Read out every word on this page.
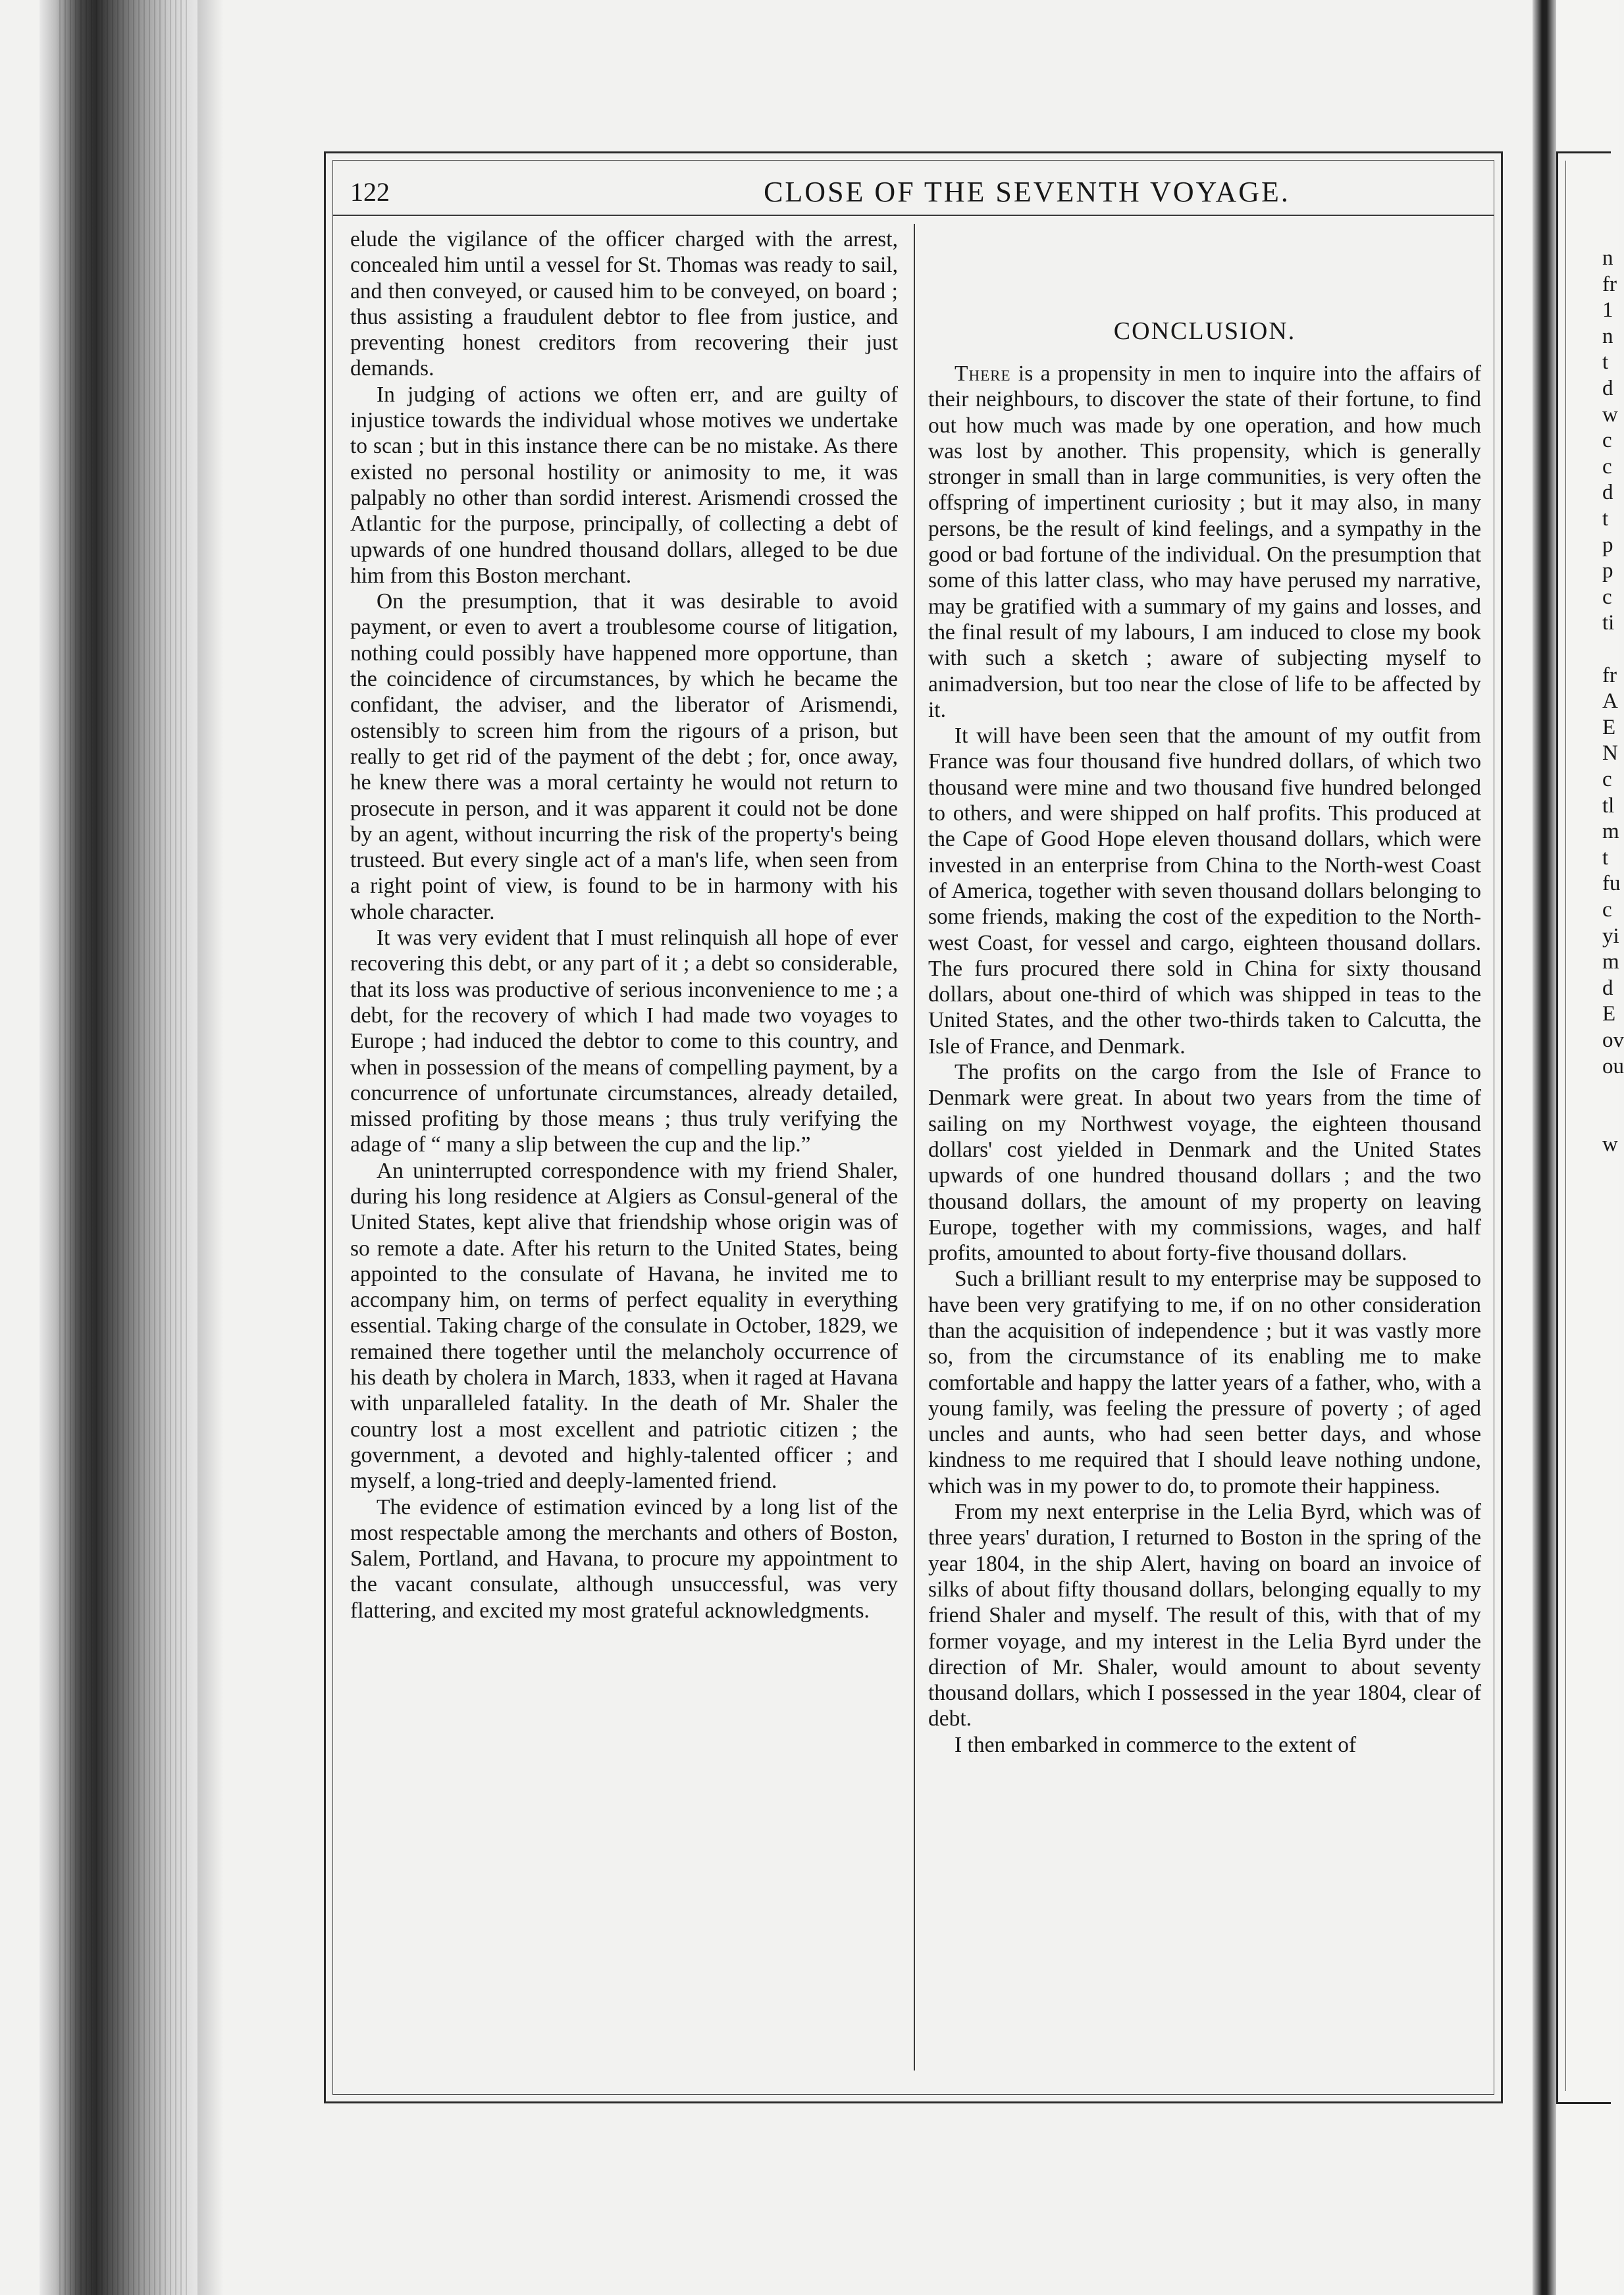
n
fr
1
n
t
d
w
c
c
d
t
p
p
c
ti
fr
A
E
N
c
tl
m
t
fu
c
yi
m
d
E
ov
ou
w
122	CLOSE OF THE SEVENTH VOYAGE.

elude the vigilance of the officer charged with the arrest, concealed him until a vessel for St. Thomas was ready to sail, and then conveyed, or caused him to be conveyed, on board ; thus assisting a fraudulent debtor to flee from justice, and preventing honest creditors from recovering their just demands.

In judging of actions we often err, and are guilty of injustice towards the individual whose motives we undertake to scan ; but in this instance there can be no mistake. As there existed no personal hostility or animosity to me, it was palpably no other than sordid interest. Arismendi crossed the Atlantic for the purpose, principally, of collecting a debt of upwards of one hundred thousand dollars, alleged to be due him from this Boston merchant.

On the presumption, that it was desirable to avoid payment, or even to avert a troublesome course of litigation, nothing could possibly have happened more opportune, than the coincidence of circumstances, by which he became the confidant, the adviser, and the liberator of Arismendi, ostensibly to screen him from the rigours of a prison, but really to get rid of the payment of the debt ; for, once away, he knew there was a moral certainty he would not return to prosecute in person, and it was apparent it could not be done by an agent, without incurring the risk of the property's being trusteed. But every single act of a man's life, when seen from a right point of view, is found to be in harmony with his whole character.

It was very evident that I must relinquish all hope of ever recovering this debt, or any part of it ; a debt so considerable, that its loss was productive of serious inconvenience to me ; a debt, for the recovery of which I had made two voyages to Europe ; had induced the debtor to come to this country, and when in possession of the means of compelling payment, by a concurrence of unfortunate circumstances, already detailed, missed profiting by those means ; thus truly verifying the adage of “ many a slip between the cup and the lip.”

An uninterrupted correspondence with my friend Shaler, during his long residence at Algiers as Consul-general of the United States, kept alive that friendship whose origin was of so remote a date. After his return to the United States, being appointed to the consulate of Havana, he invited me to accompany him, on terms of perfect equality in everything essential. Taking charge of the consulate in October, 1829, we remained there together until the melancholy occurrence of his death by cholera in March, 1833, when it raged at Havana with unparalleled fatality. In the death of Mr. Shaler the country lost a most excellent and patriotic citizen ; the government, a devoted and highly-talented officer ; and myself, a long-tried and deeply-lamented friend.

The evidence of estimation evinced by a long list of the most respectable among the merchants and others of Boston, Salem, Portland, and Havana, to procure my appointment to the vacant consulate, although unsuccessful, was very flattering, and excited my most grateful acknowledgments.

CONCLUSION.

There is a propensity in men to inquire into the affairs of their neighbours, to discover the state of their fortune, to find out how much was made by one operation, and how much was lost by another. This propensity, which is generally stronger in small than in large communities, is very often the offspring of impertinent curiosity ; but it may also, in many persons, be the result of kind feelings, and a sympathy in the good or bad fortune of the individual. On the presumption that some of this latter class, who may have perused my narrative, may be gratified with a summary of my gains and losses, and the final result of my labours, I am induced to close my book with such a sketch ; aware of subjecting myself to animadversion, but too near the close of life to be affected by it.

It will have been seen that the amount of my outfit from France was four thousand five hundred dollars, of which two thousand were mine and two thousand five hundred belonged to others, and were shipped on half profits. This produced at the Cape of Good Hope eleven thousand dollars, which were invested in an enterprise from China to the North-west Coast of America, together with seven thousand dollars belonging to some friends, making the cost of the expedition to the North-west Coast, for vessel and cargo, eighteen thousand dollars. The furs procured there sold in China for sixty thousand dollars, about one-third of which was shipped in teas to the United States, and the other two-thirds taken to Calcutta, the Isle of France, and Denmark.

The profits on the cargo from the Isle of France to Denmark were great. In about two years from the time of sailing on my Northwest voyage, the eighteen thousand dollars' cost yielded in Denmark and the United States upwards of one hundred thousand dollars ; and the two thousand dollars, the amount of my property on leaving Europe, together with my commissions, wages, and half profits, amounted to about forty-five thousand dollars.

Such a brilliant result to my enterprise may be supposed to have been very gratifying to me, if on no other consideration than the acquisition of independence ; but it was vastly more so, from the circumstance of its enabling me to make comfortable and happy the latter years of a father, who, with a young family, was feeling the pressure of poverty ; of aged uncles and aunts, who had seen better days, and whose kindness to me required that I should leave nothing undone, which was in my power to do, to promote their happiness.

From my next enterprise in the Lelia Byrd, which was of three years' duration, I returned to Boston in the spring of the year 1804, in the ship Alert, having on board an invoice of silks of about fifty thousand dollars, belonging equally to my friend Shaler and myself. The result of this, with that of my former voyage, and my interest in the Lelia Byrd under the direction of Mr. Shaler, would amount to about seventy thousand dollars, which I possessed in the year 1804, clear of debt.

I then embarked in commerce to the extent of
